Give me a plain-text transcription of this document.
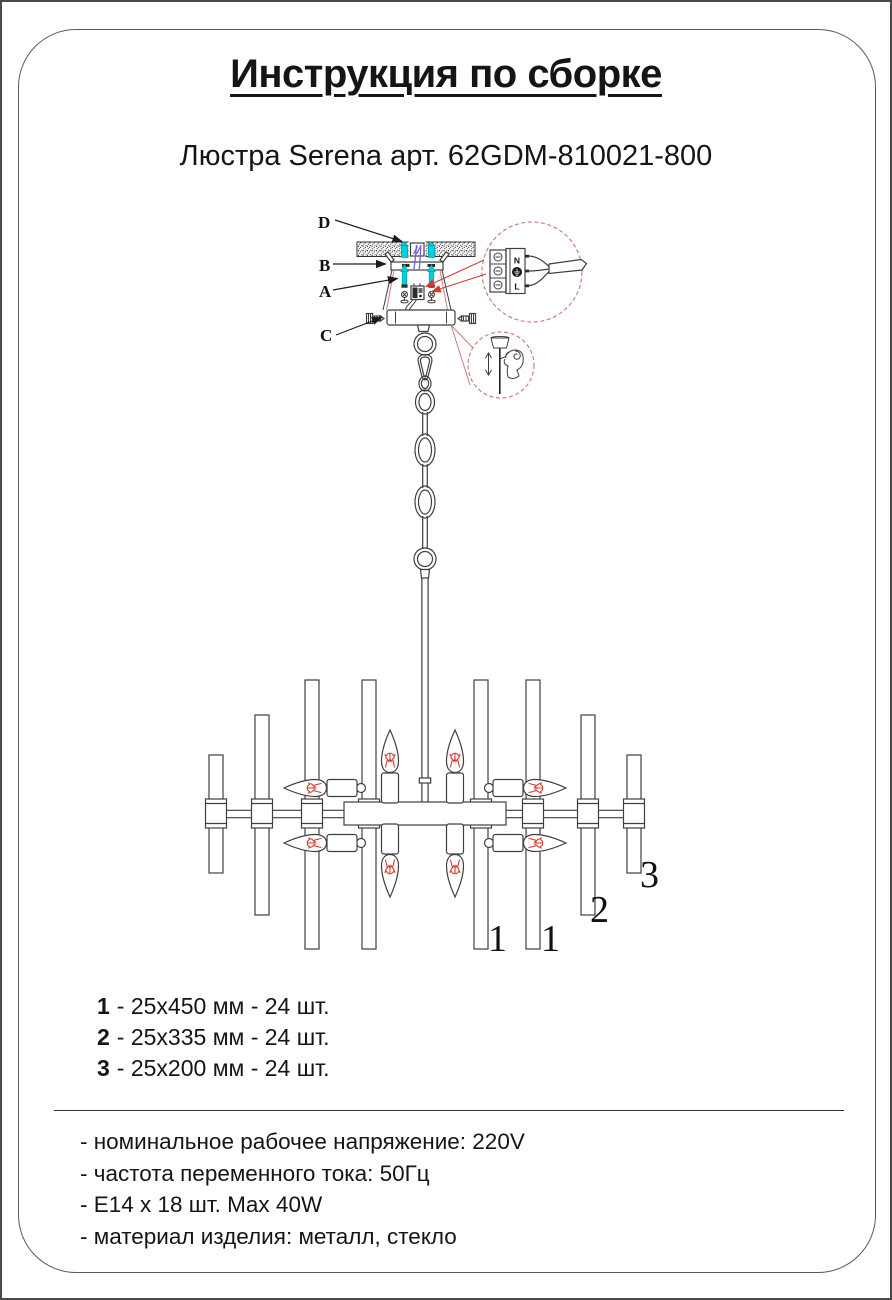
Инструкция по сборке
Люстра Serena арт. 62GDM-810021-800
D
B
A
C
N
L
1 1
2
3
1 - 25x450 мм - 24 шт.
2 - 25x335 мм - 24 шт.
3 - 25x200 мм - 24 шт.
- номинальное рабочее напряжение: 220V
- частота переменного тока: 50Гц
- E14 x 18 шт. Max 40W
- материал изделия: металл, стекло
